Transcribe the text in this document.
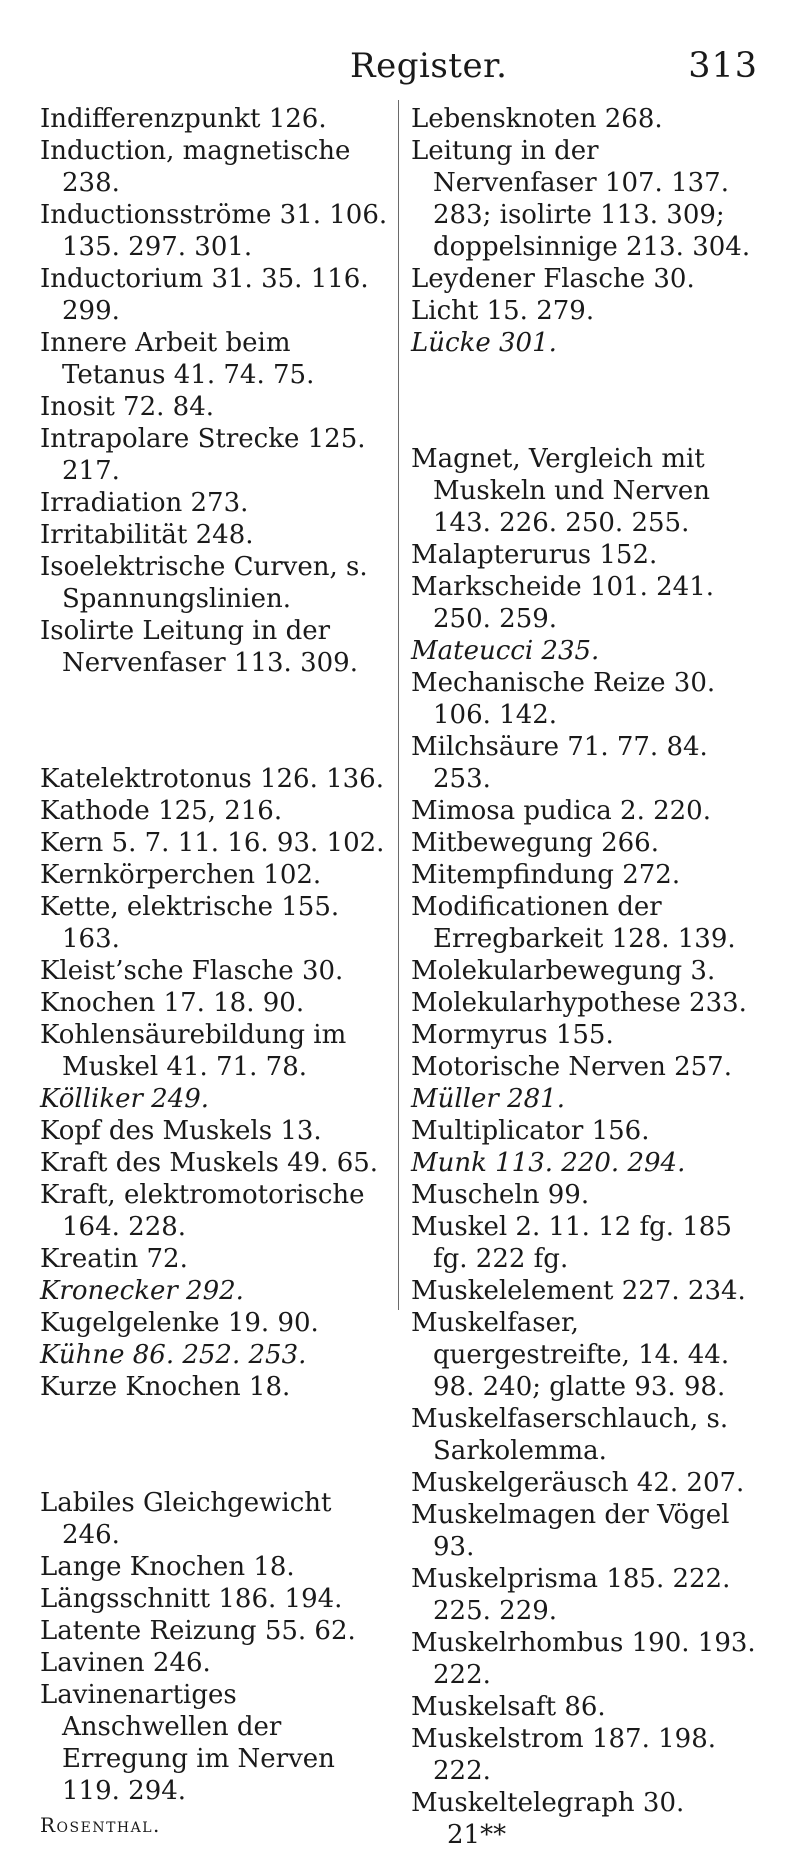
Register.	313

Indifferenzpunkt 126.

Induction, magnetische 238.

Inductionsströme 31. 106. 135. 297. 301.

Inductorium 31. 35. 116. 299.

Innere Arbeit beim Tetanus 41. 74. 75.

Inosit 72. 84.

Intrapolare Strecke 125. 217.

Irradiation 273.

Irritabilität 248.

Isoelektrische Curven, s. Spannungslinien.

Isolirte Leitung in der Nervenfaser 113. 309.

Katelektrotonus 126. 136.

Kathode 125, 216.

Kern 5. 7. 11. 16. 93. 102.

Kernkörperchen 102.

Kette, elektrische 155. 163.

Kleist’sche Flasche 30.

Knochen 17. 18. 90.

Kohlensäurebildung im Muskel 41. 71. 78.

Kölliker 249.

Kopf des Muskels 13.

Kraft des Muskels 49. 65.

Kraft, elektromotorische 164. 228.

Kreatin 72.

Kronecker 292.

Kugelgelenke 19. 90.

Kühne 86. 252. 253.

Kurze Knochen 18.

Labiles Gleichgewicht 246.

Lange Knochen 18.

Längsschnitt 186. 194.

Latente Reizung 55. 62.

Lavinen 246.

Lavinenartiges Anschwellen der Erregung im Nerven 119. 294.

Rosenthal.

Lebensknoten 268.

Leitung in der Nervenfaser 107. 137. 283; isolirte 113. 309; doppelsinnige 213. 304.

Leydener Flasche 30.

Licht 15. 279.

Lücke 301.

Magnet, Vergleich mit Muskeln und Nerven 143. 226. 250. 255.

Malapterurus 152.

Markscheide 101. 241. 250. 259.

Mateucci 235.

Mechanische Reize 30. 106. 142.

Milchsäure 71. 77. 84. 253.

Mimosa pudica 2. 220.

Mitbewegung 266.

Mitempfindung 272.

Modificationen der Erregbarkeit 128. 139.

Molekularbewegung 3.

Molekularhypothese 233.

Mormyrus 155.

Motorische Nerven 257.

Müller 281.

Multiplicator 156.

Munk 113. 220. 294.

Muscheln 99.

Muskel 2. 11. 12 fg. 185 fg. 222 fg.

Muskelelement 227. 234.

Muskelfaser, quergestreifte, 14. 44. 98. 240; glatte 93. 98.

Muskelfaserschlauch, s. Sarkolemma.

Muskelgeräusch 42. 207.

Muskelmagen der Vögel 93.

Muskelprisma 185. 222. 225. 229.

Muskelrhombus 190. 193. 222.

Muskelsaft 86.

Muskelstrom 187. 198. 222.

Muskeltelegraph 30.

21**
